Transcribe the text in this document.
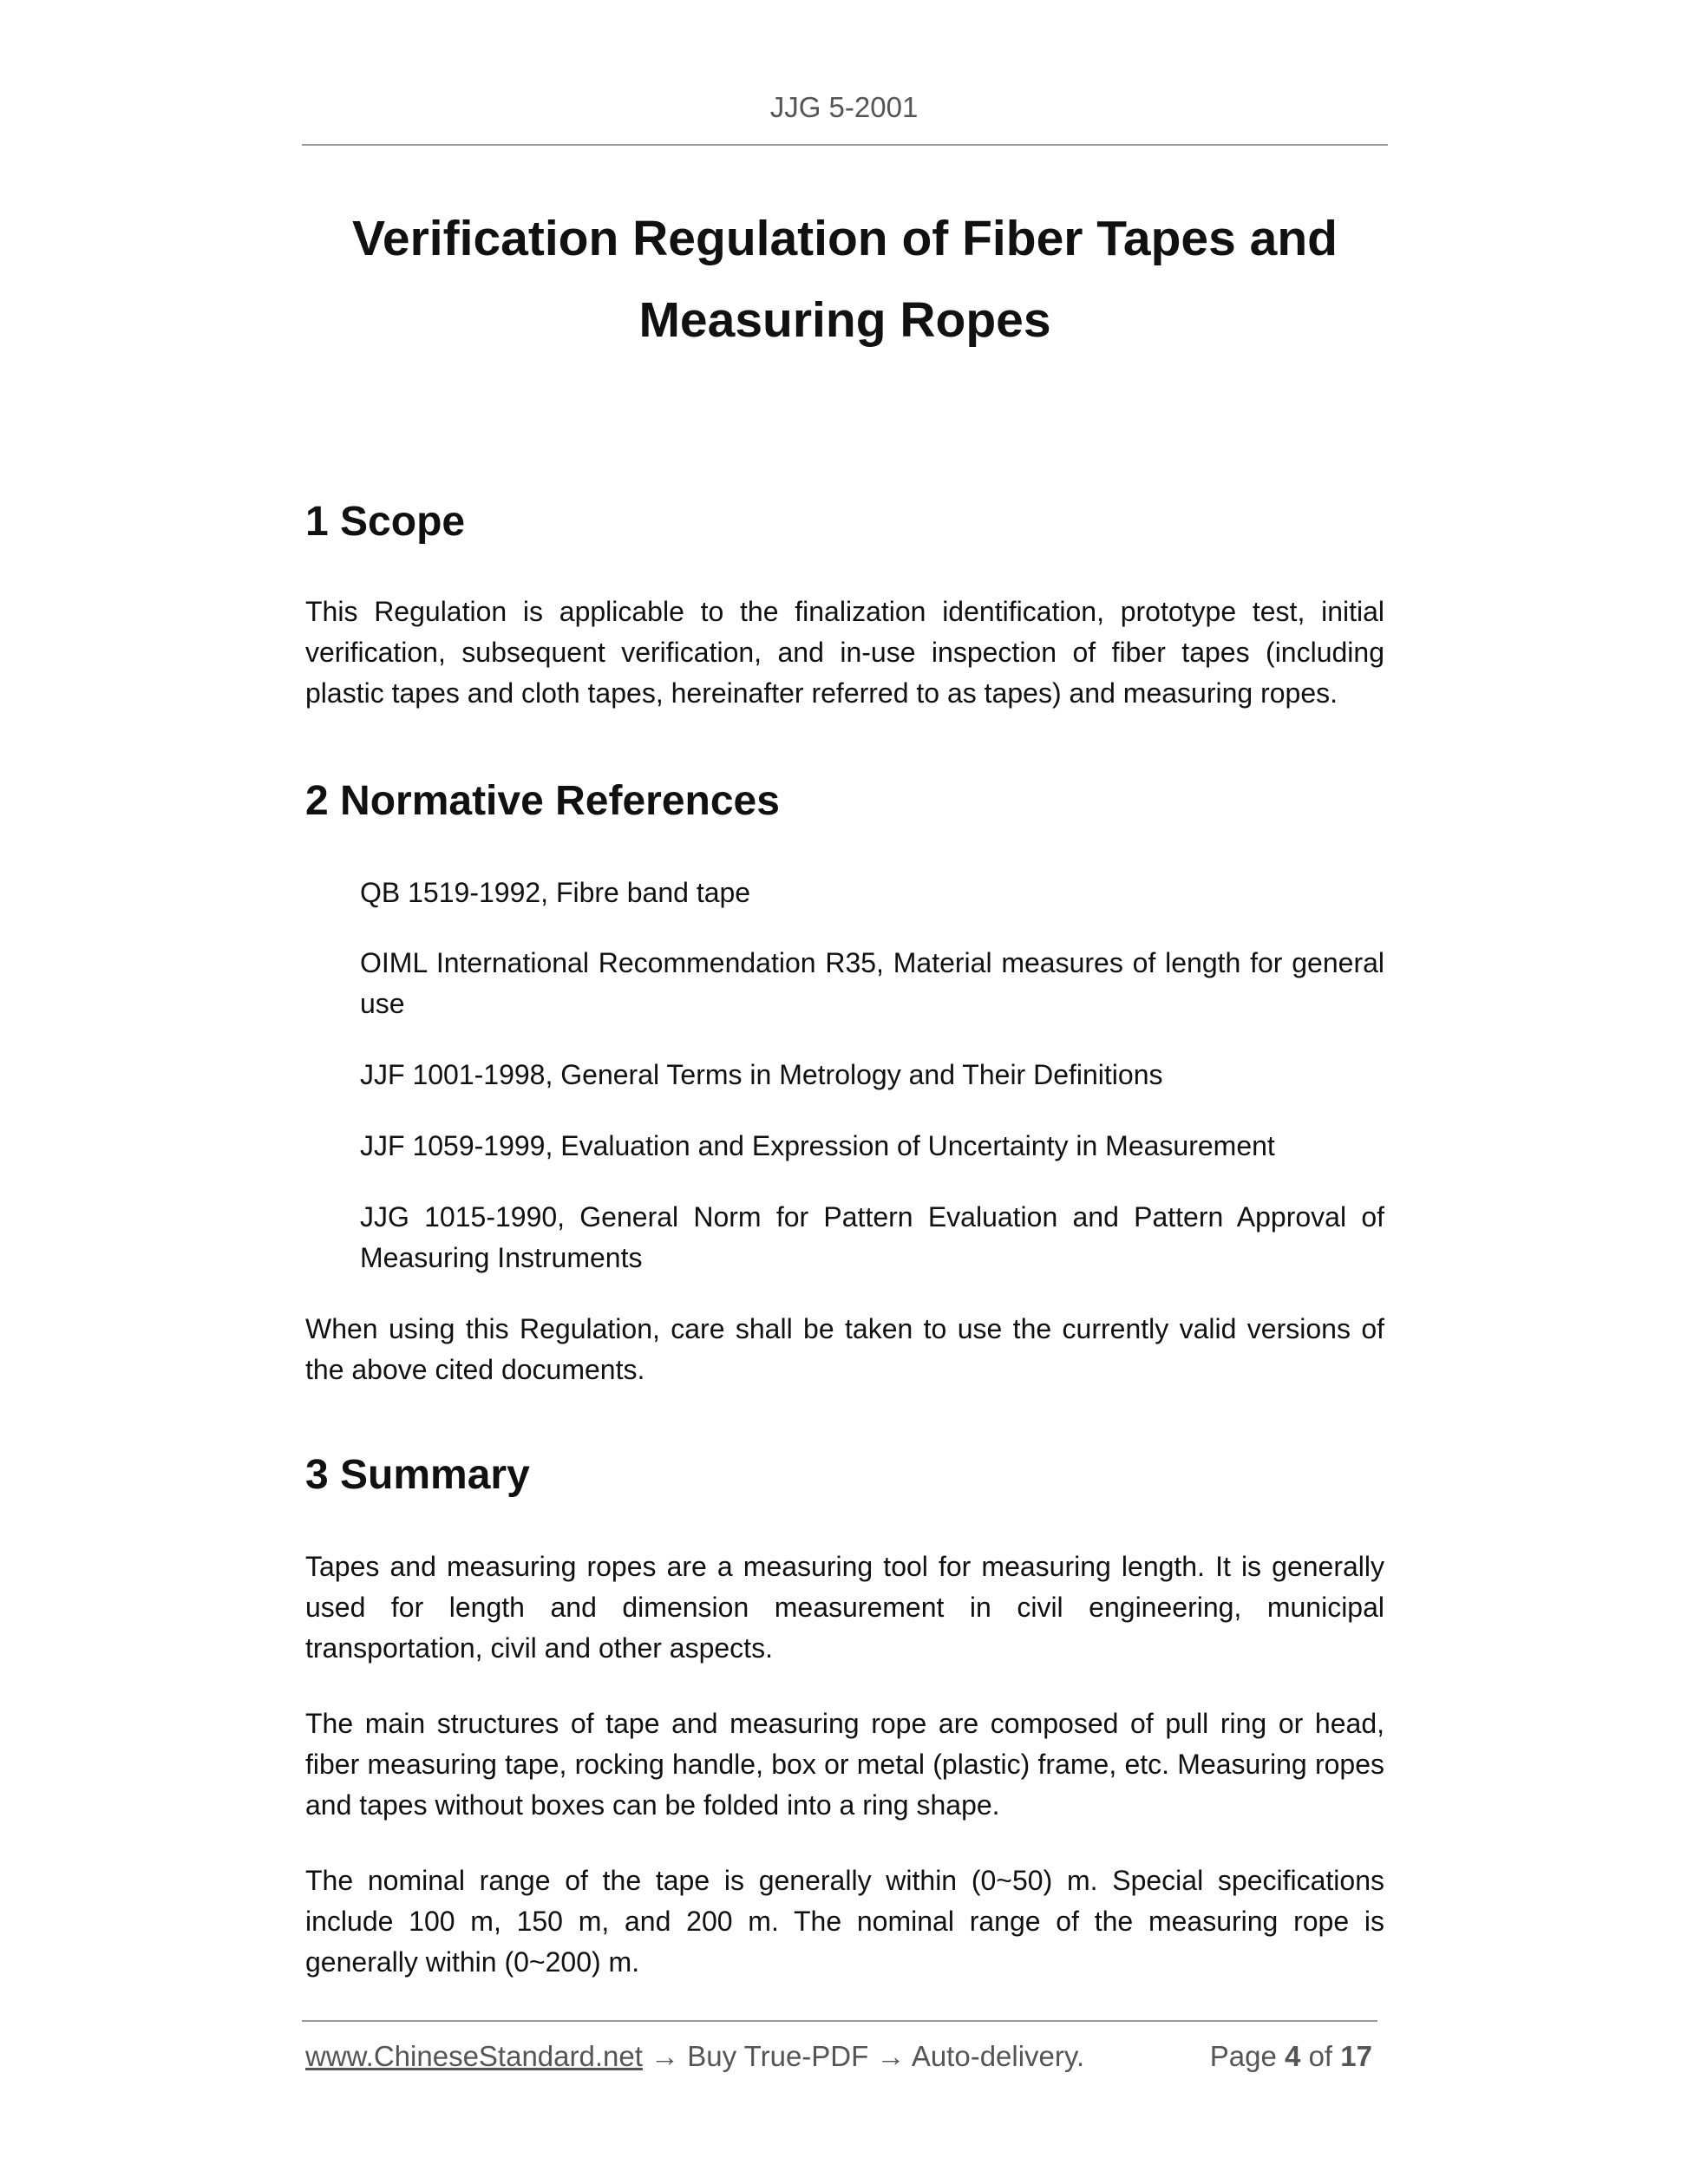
JJG 5-2001
Verification Regulation of Fiber Tapes and
Measuring Ropes
1 Scope

This Regulation is applicable to the finalization identification, prototype test, initial verification, subsequent verification, and in-use inspection of fiber tapes (including plastic tapes and cloth tapes, hereinafter referred to as tapes) and measuring ropes.

2 Normative References

QB 1519-1992, Fibre band tape

OIML International Recommendation R35, Material measures of length for general use

JJF 1001-1998, General Terms in Metrology and Their Definitions

JJF 1059-1999, Evaluation and Expression of Uncertainty in Measurement

JJG 1015-1990, General Norm for Pattern Evaluation and Pattern Approval of Measuring Instruments

When using this Regulation, care shall be taken to use the currently valid versions of the above cited documents.

3 Summary

Tapes and measuring ropes are a measuring tool for measuring length. It is generally used for length and dimension measurement in civil engineering, municipal transportation, civil and other aspects.

The main structures of tape and measuring rope are composed of pull ring or head, fiber measuring tape, rocking handle, box or metal (plastic) frame, etc. Measuring ropes and tapes without boxes can be folded into a ring shape.

The nominal range of the tape is generally within (0~50) m. Special specifications include 100 m, 150 m, and 200 m. The nominal range of the measuring rope is generally within (0~200) m.

www.ChineseStandard.net → Buy True-PDF → Auto-delivery.	Page 4 of 17
